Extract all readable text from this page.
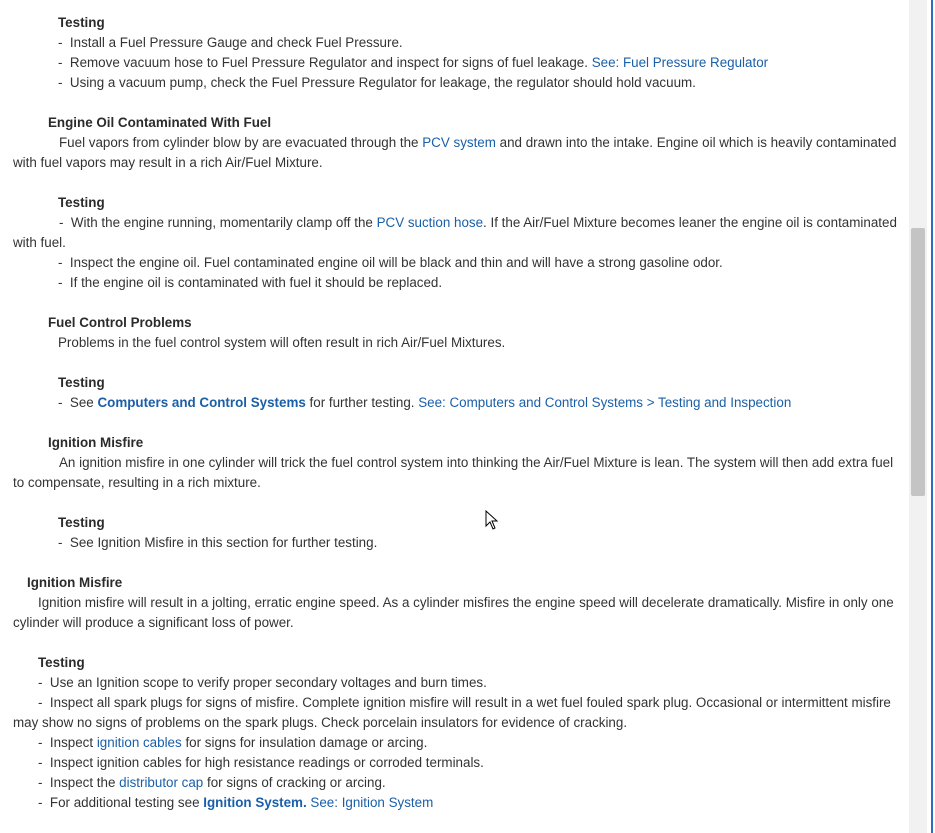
Testing
-  Install a Fuel Pressure Gauge and check Fuel Pressure.
-  Remove vacuum hose to Fuel Pressure Regulator and inspect for signs of fuel leakage. See: Fuel Pressure Regulator
-  Using a vacuum pump, check the Fuel Pressure Regulator for leakage, the regulator should hold vacuum.
Engine Oil Contaminated With Fuel
Fuel vapors from cylinder blow by are evacuated through the PCV system and drawn into the intake. Engine oil which is heavily contaminated with fuel vapors may result in a rich Air/Fuel Mixture.
Testing
-  With the engine running, momentarily clamp off the PCV suction hose. If the Air/Fuel Mixture becomes leaner the engine oil is contaminated with fuel.
-  Inspect the engine oil. Fuel contaminated engine oil will be black and thin and will have a strong gasoline odor.
-  If the engine oil is contaminated with fuel it should be replaced.
Fuel Control Problems
Problems in the fuel control system will often result in rich Air/Fuel Mixtures.
Testing
-  See Computers and Control Systems for further testing. See: Computers and Control Systems > Testing and Inspection
Ignition Misfire
An ignition misfire in one cylinder will trick the fuel control system into thinking the Air/Fuel Mixture is lean. The system will then add extra fuel to compensate, resulting in a rich mixture.
Testing
-  See Ignition Misfire in this section for further testing.
Ignition Misfire
Ignition misfire will result in a jolting, erratic engine speed. As a cylinder misfires the engine speed will decelerate dramatically. Misfire in only one cylinder will produce a significant loss of power.
Testing
-  Use an Ignition scope to verify proper secondary voltages and burn times.
-  Inspect all spark plugs for signs of misfire. Complete ignition misfire will result in a wet fuel fouled spark plug. Occasional or intermittent misfire may show no signs of problems on the spark plugs. Check porcelain insulators for evidence of cracking.
-  Inspect ignition cables for signs for insulation damage or arcing.
-  Inspect ignition cables for high resistance readings or corroded terminals.
-  Inspect the distributor cap for signs of cracking or arcing.
-  For additional testing see Ignition System. See: Ignition System
